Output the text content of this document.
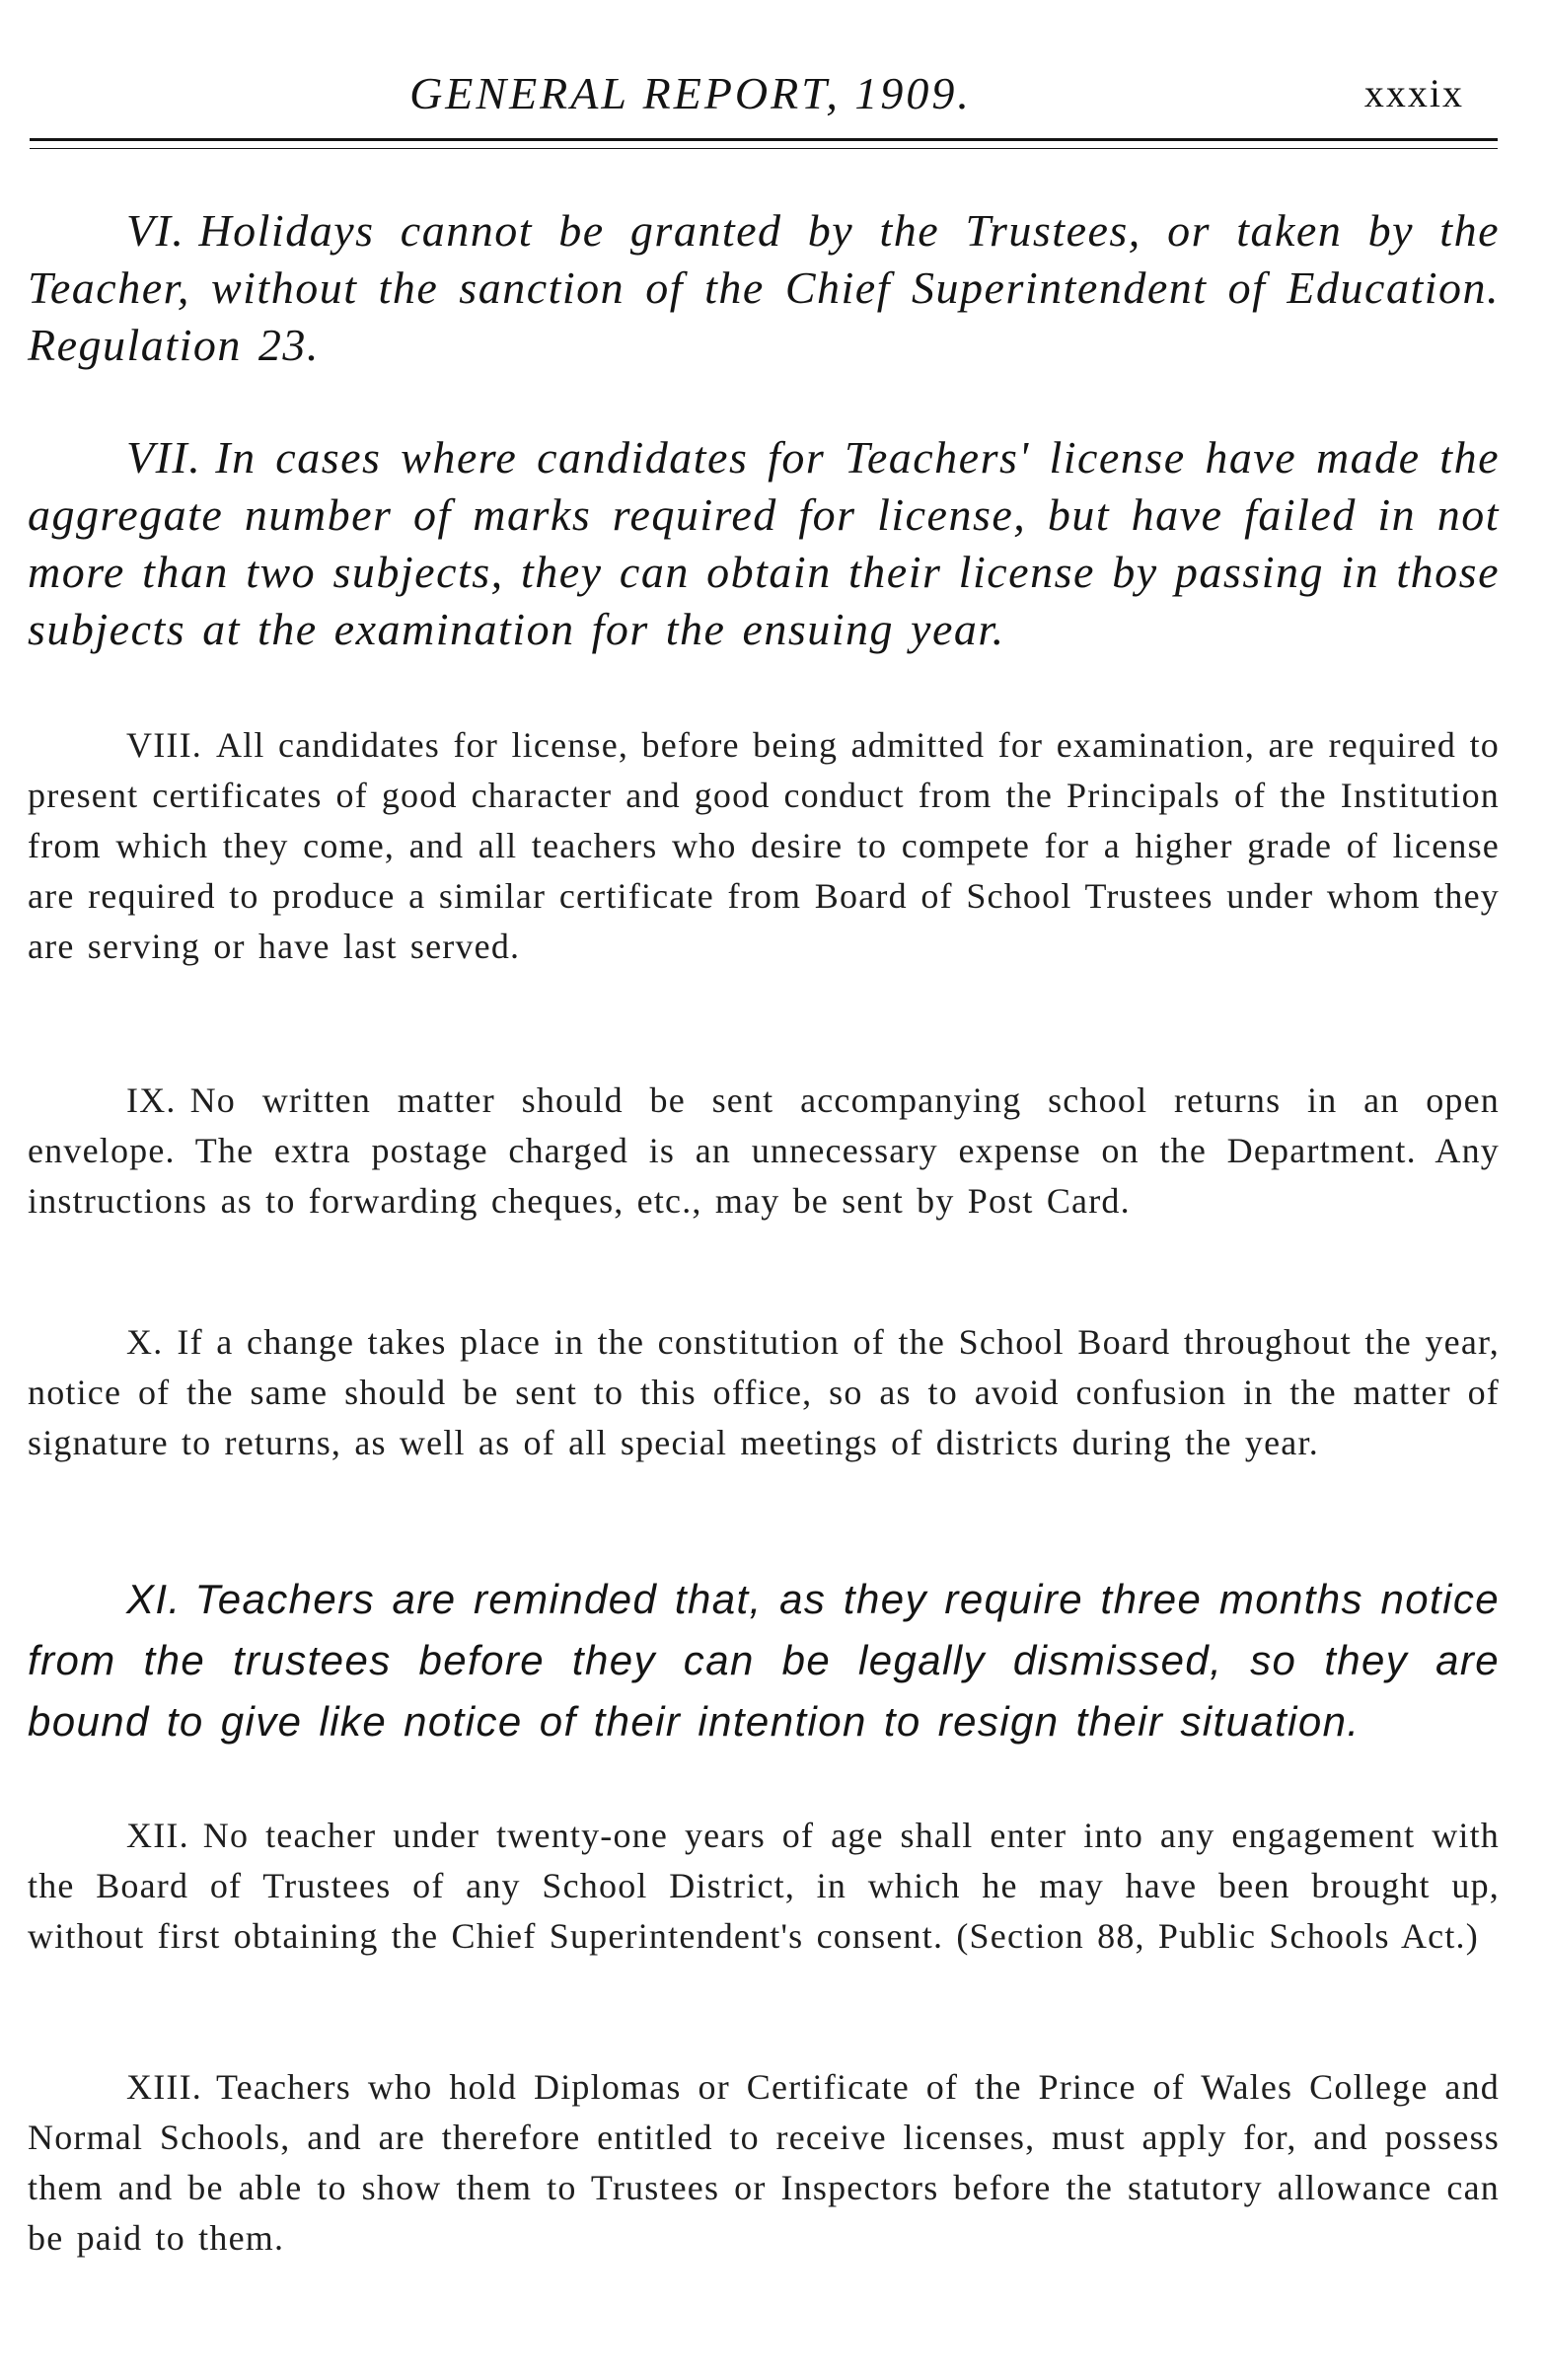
GENERAL REPORT, 1909.	xxxix

VI. Holidays cannot be granted by the Trustees, or taken by the Teacher, without the sanction of the Chief Superintendent of Education. Regulation 23.

VII. In cases where candidates for Teachers' license have made the aggregate number of marks required for license, but have failed in not more than two subjects, they can obtain their license by passing in those subjects at the examination for the ensuing year.

VIII. All candidates for license, before being admitted for examination, are required to present certificates of good character and good conduct from the Principals of the Institution from which they come, and all teachers who desire to compete for a higher grade of license are required to produce a similar certificate from Board of School Trustees under whom they are serving or have last served.

IX. No written matter should be sent accompanying school returns in an open envelope. The extra postage charged is an unnecessary expense on the Department. Any instructions as to forwarding cheques, etc., may be sent by Post Card.

X. If a change takes place in the constitution of the School Board throughout the year, notice of the same should be sent to this office, so as to avoid confusion in the matter of signature to returns, as well as of all special meetings of districts during the year.

XI. Teachers are reminded that, as they require three months notice from the trustees before they can be legally dismissed, so they are bound to give like notice of their intention to resign their situation.

XII. No teacher under twenty-one years of age shall enter into any engagement with the Board of Trustees of any School District, in which he may have been brought up, without first obtaining the Chief Superintendent's consent. (Section 88, Public Schools Act.)

XIII. Teachers who hold Diplomas or Certificate of the Prince of Wales College and Normal Schools, and are therefore entitled to receive licenses, must apply for, and possess them and be able to show them to Trustees or Inspectors before the statutory allowance can be paid to them.
